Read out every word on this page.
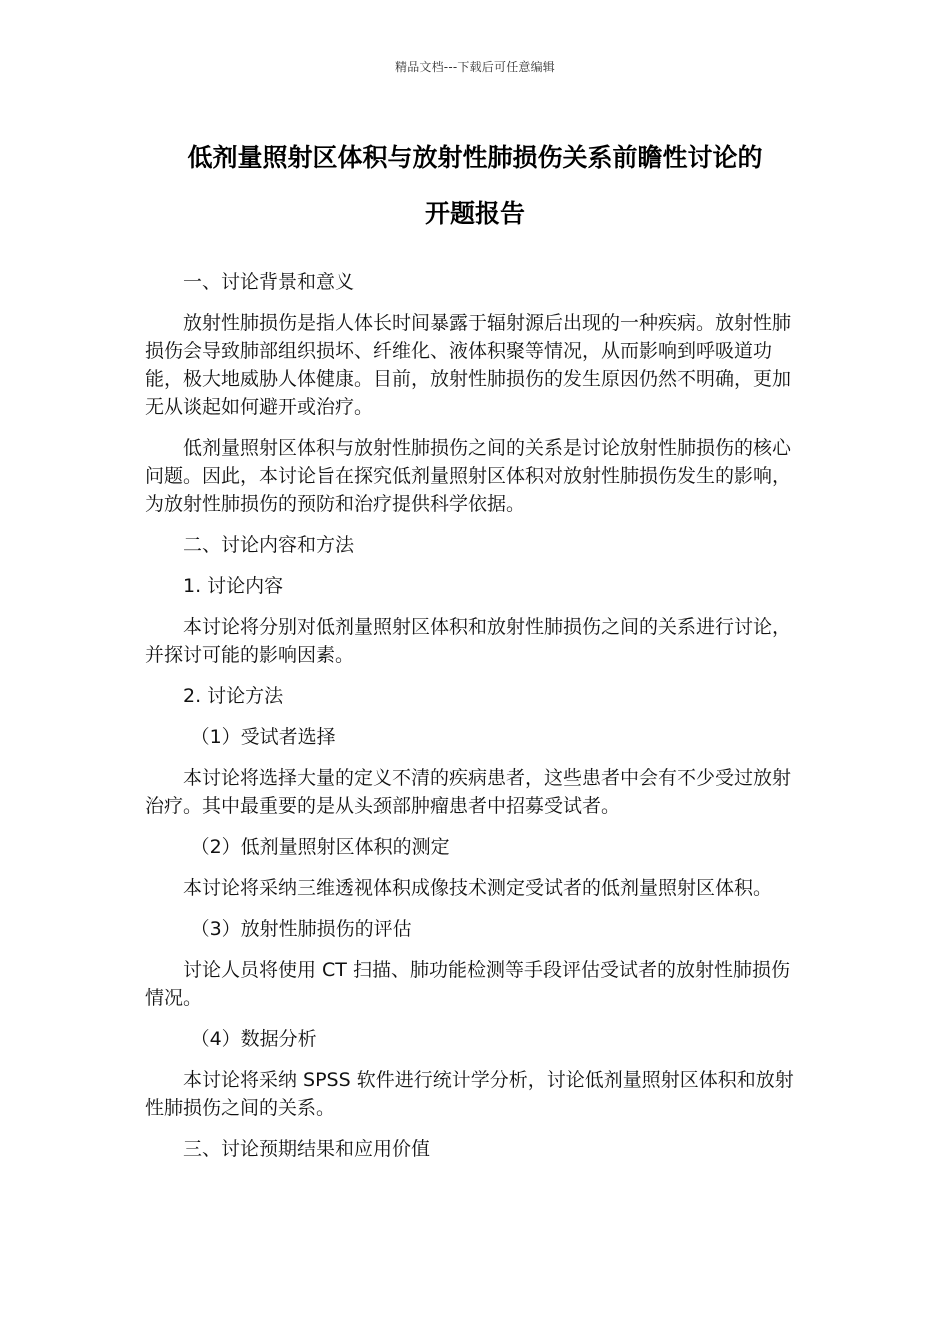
精品文档---下载后可任意编辑
低剂量照射区体积与放射性肺损伤关系前瞻性讨论的
开题报告

一、讨论背景和意义

放射性肺损伤是指人体长时间暴露于辐射源后出现的一种疾病。放射性肺损伤会导致肺部组织损坏、纤维化、液体积聚等情况，从而影响到呼吸道功能，极大地威胁人体健康。目前，放射性肺损伤的发生原因仍然不明确，更加无从谈起如何避开或治疗。

低剂量照射区体积与放射性肺损伤之间的关系是讨论放射性肺损伤的核心问题。因此，本讨论旨在探究低剂量照射区体积对放射性肺损伤发生的影响，为放射性肺损伤的预防和治疗提供科学依据。

二、讨论内容和方法

1. 讨论内容

本讨论将分别对低剂量照射区体积和放射性肺损伤之间的关系进行讨论，并探讨可能的影响因素。

2. 讨论方法

（1）受试者选择

本讨论将选择大量的定义不清的疾病患者，这些患者中会有不少受过放射治疗。其中最重要的是从头颈部肿瘤患者中招募受试者。

（2）低剂量照射区体积的测定

本讨论将采纳三维透视体积成像技术测定受试者的低剂量照射区体积。

（3）放射性肺损伤的评估

讨论人员将使用 CT 扫描、肺功能检测等手段评估受试者的放射性肺损伤情况。

（4）数据分析

本讨论将采纳 SPSS 软件进行统计学分析，讨论低剂量照射区体积和放射性肺损伤之间的关系。

三、讨论预期结果和应用价值
